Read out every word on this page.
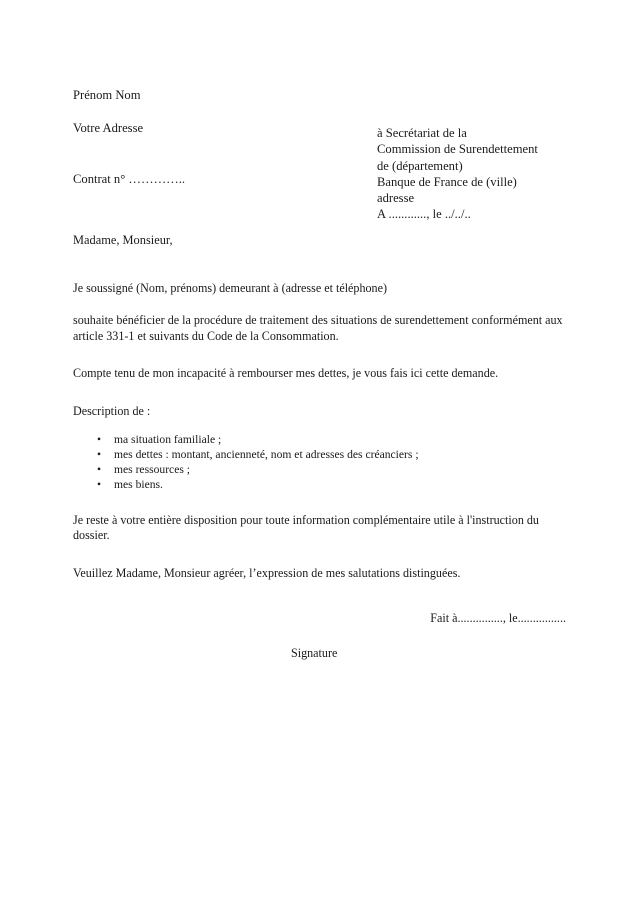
Prénom Nom

Votre Adresse

Contrat n° …………..
à Secrétariat de la
Commission de Surendettement
de (département)
Banque de France de (ville)
adresse
A ............, le ../../..
Madame, Monsieur,
Je soussigné (Nom, prénoms) demeurant à (adresse et téléphone)
souhaite bénéficier de la procédure de traitement des situations de surendettement conformément aux article 331-1 et suivants du Code de la Consommation.
Compte tenu de mon incapacité à rembourser mes dettes, je vous fais ici cette demande.
Description de :
• ma situation familiale ;
• mes dettes : montant, ancienneté, nom et adresses des créanciers ;
• mes ressources ;
• mes biens.
Je reste à votre entière disposition pour toute information complémentaire utile à l'instruction du dossier.
Veuillez Madame, Monsieur agréer, l’expression de mes salutations distinguées.
Fait à..............., le................
Signature
